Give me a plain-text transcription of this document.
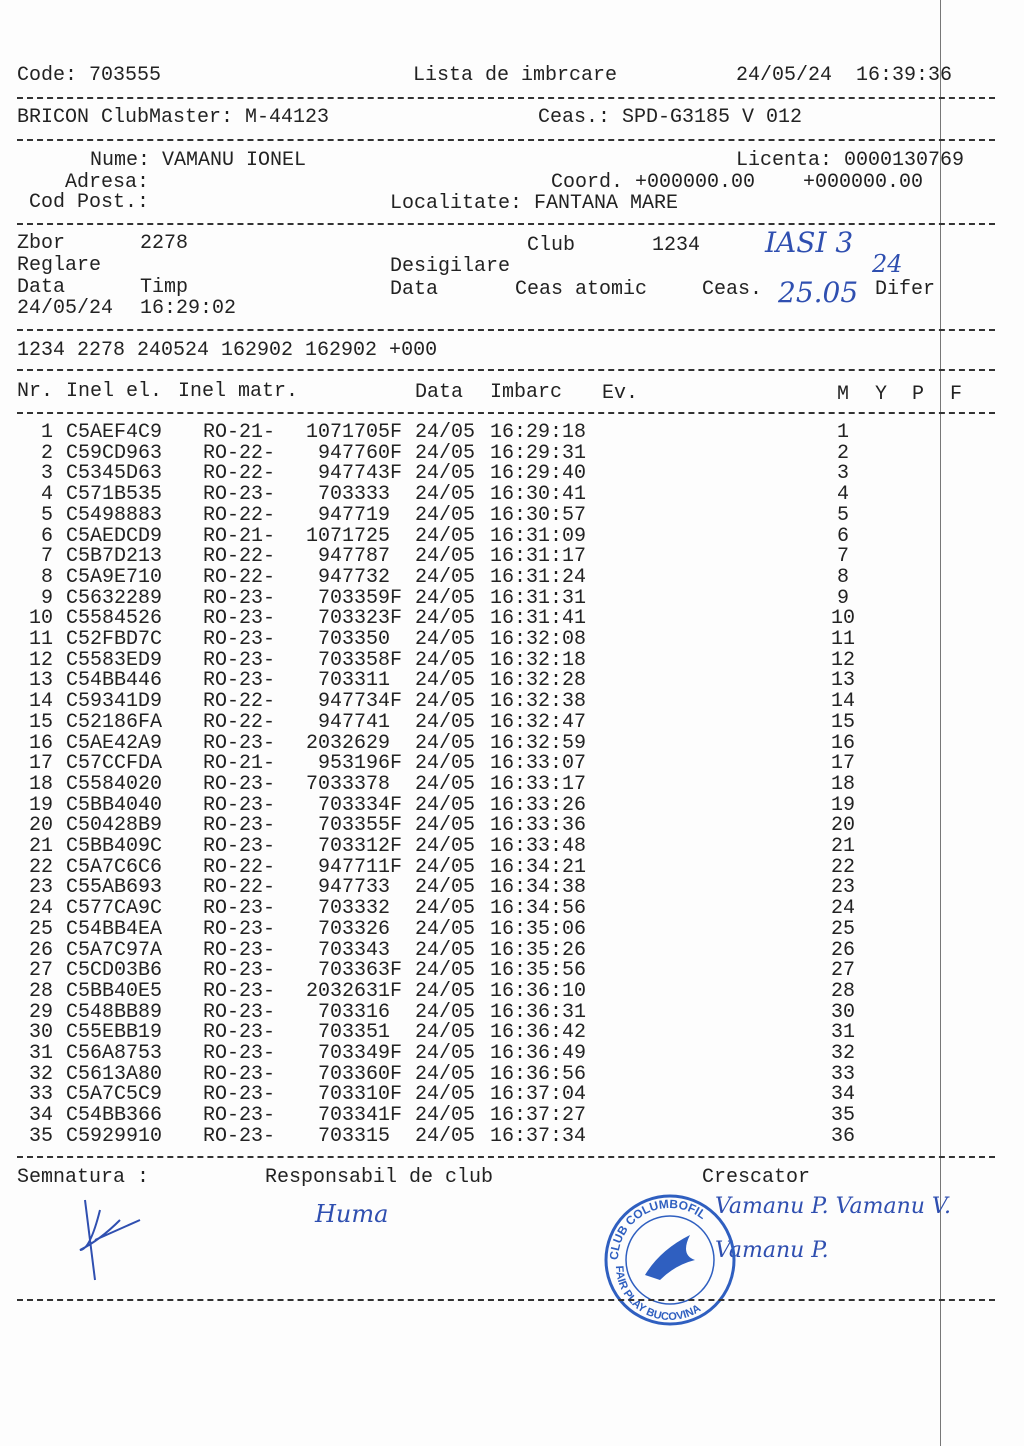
Code: 703555	Lista de imbrcare	24/05/24  16:39:36
BRICON ClubMaster: M-44123	Ceas.: SPD-G3185 V 012
Nume: VAMANU IONEL	Licenta: 0000130769
Adresa:	Coord. +000000.00    +000000.00
Cod Post.:	Localitate: FANTANA MARE
Zbor	2278	Club	1234
Reglare	Desigilare
Data	Timp	Data	Ceas atomic	Ceas.	Difer
24/05/24 16:29:02
IASI 3
25.05
24
1234 2278 240524 162902 162902 +000
Nr. Inel el. Inel matr.	Data Imbarc Ev.	M Y P F
1 C5AEF4C9 RO-21-	1071705 F 24/05 16:29:18	1
2 C59CD963 RO-22-	947760 F 24/05 16:29:31	2
3 C5345D63 RO-22-	947743 F 24/05 16:29:40	3
4 C571B535 RO-23-	703333 24/05 16:30:41	4
5 C5498883 RO-22-	947719 24/05 16:30:57	5
6 C5AEDCD9 RO-21-	1071725 24/05 16:31:09	6
7 C5B7D213 RO-22-	947787 24/05 16:31:17	7
8 C5A9E710 RO-22-	947732 24/05 16:31:24	8
9 C5632289 RO-23-	703359 F 24/05 16:31:31	9
10 C5584526 RO-23-	703323 F 24/05 16:31:41	10
11 C52FBD7C RO-23-	703350 24/05 16:32:08	11
12 C5583ED9 RO-23-	703358 F 24/05 16:32:18	12
13 C54BB446 RO-23-	703311 24/05 16:32:28	13
14 C59341D9 RO-22-	947734 F 24/05 16:32:38	14
15 C52186FA RO-22-	947741 24/05 16:32:47	15
16 C5AE42A9 RO-23-	2032629 24/05 16:32:59	16
17 C57CCFDA RO-21-	953196 F 24/05 16:33:07	17
18 C5584020 RO-23-	7033378 24/05 16:33:17	18
19 C5BB4040 RO-23-	703334 F 24/05 16:33:26	19
20 C50428B9 RO-23-	703355 F 24/05 16:33:36	20
21 C5BB409C RO-23-	703312 F 24/05 16:33:48	21
22 C5A7C6C6 RO-22-	947711 F 24/05 16:34:21	22
23 C55AB693 RO-22-	947733 24/05 16:34:38	23
24 C577CA9C RO-23-	703332 24/05 16:34:56	24
25 C54BB4EA RO-23-	703326 24/05 16:35:06	25
26 C5A7C97A RO-23-	703343 24/05 16:35:26	26
27 C5CD03B6 RO-23-	703363 F 24/05 16:35:56	27
28 C5BB40E5 RO-23-	2032631 F 24/05 16:36:10	28
29 C548BB89 RO-23-	703316 24/05 16:36:31	30
30 C55EBB19 RO-23-	703351 24/05 16:36:42	31
31 C56A8753 RO-23-	703349 F 24/05 16:36:49	32
32 C5613A80 RO-23-	703360 F 24/05 16:36:56	33
33 C5A7C5C9 RO-23-	703310 F 24/05 16:37:04	34
34 C54BB366 RO-23-	703341 F 24/05 16:37:27	35
35 C5929910 RO-23-	703315 24/05 16:37:34	36
Semnatura :	Responsabil de club	Crescator
Huma	Vamanu P. Vamanu V. Vamanu P.
CLUB COLUMBOFIL
FAIR PLAY BUCOVINA
